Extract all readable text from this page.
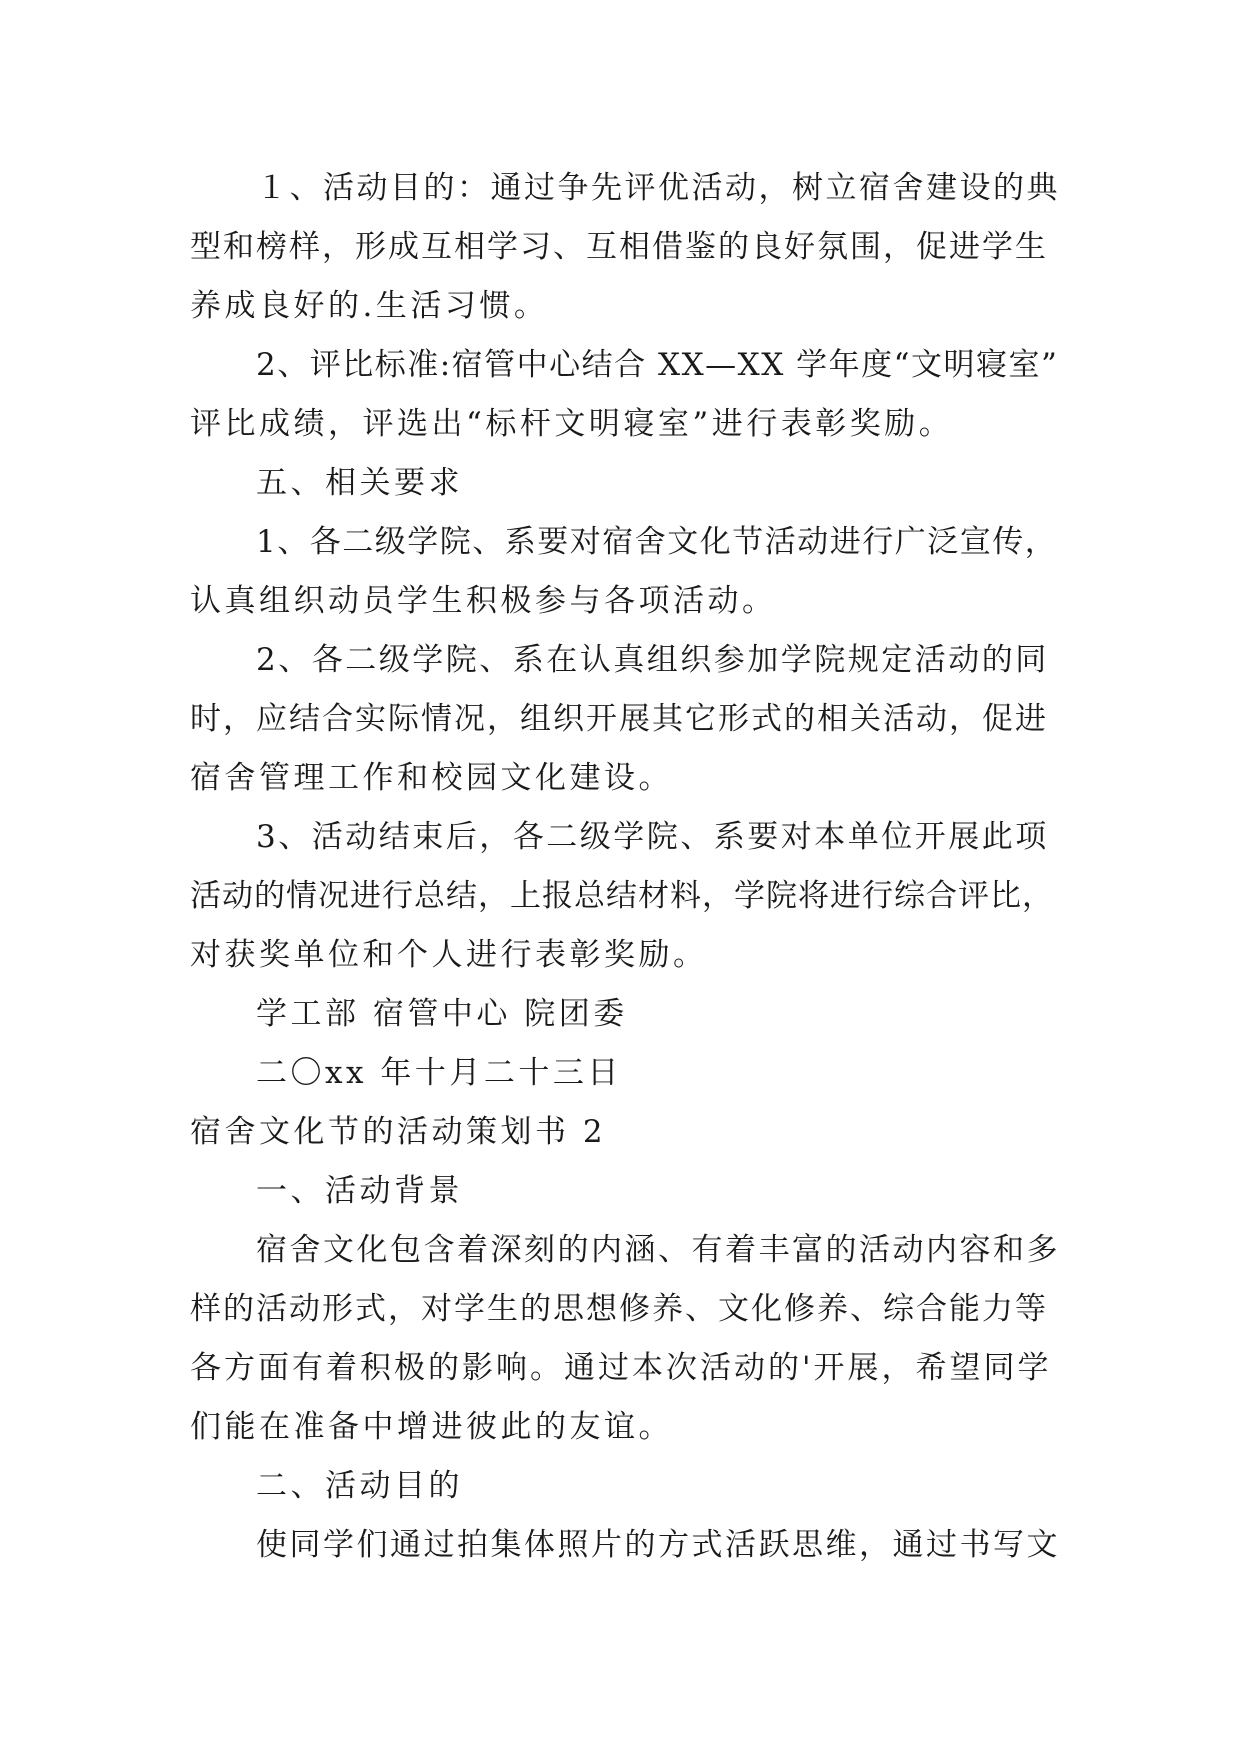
１、活动目的：通过争先评优活动，树立宿舍建设的典
型和榜样，形成互相学习、互相借鉴的良好氛围，促进学生
养成良好的.生活习惯。
2、评比标准:宿管中心结合 XX—XX 学年度“文明寝室”
评比成绩，评选出“标杆文明寝室”进行表彰奖励。
五、相关要求
1、各二级学院、系要对宿舍文化节活动进行广泛宣传，
认真组织动员学生积极参与各项活动。
2、各二级学院、系在认真组织参加学院规定活动的同
时，应结合实际情况，组织开展其它形式的相关活动，促进
宿舍管理工作和校园文化建设。
3、活动结束后，各二级学院、系要对本单位开展此项
活动的情况进行总结，上报总结材料，学院将进行综合评比，
对获奖单位和个人进行表彰奖励。
学工部 宿管中心 院团委
二〇xx 年十月二十三日
宿舍文化节的活动策划书 2
一、活动背景
宿舍文化包含着深刻的内涵、有着丰富的活动内容和多
样的活动形式，对学生的思想修养、文化修养、综合能力等
各方面有着积极的影响。通过本次活动的'开展，希望同学
们能在准备中增进彼此的友谊。
二、活动目的
使同学们通过拍集体照片的方式活跃思维，通过书写文
